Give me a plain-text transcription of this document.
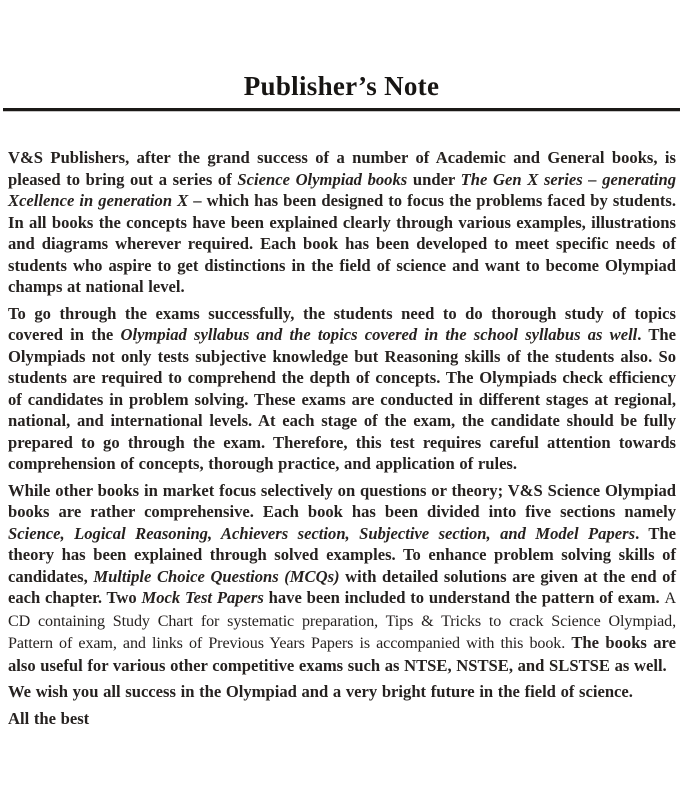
Publisher’s Note

V&S Publishers, after the grand success of a number of Academic and General books, is pleased to bring out a series of Science Olympiad books under The Gen X series – generating Xcellence in generation X – which has been designed to focus the problems faced by students. In all books the concepts have been explained clearly through various examples, illustrations and diagrams wherever required. Each book has been developed to meet specific needs of students who aspire to get distinctions in the field of science and want to become Olympiad champs at national level.

To go through the exams successfully, the students need to do thorough study of topics covered in the Olympiad syllabus and the topics covered in the school syllabus as well. The Olympiads not only tests subjective knowledge but Reasoning skills of the students also. So students are required to comprehend the depth of concepts. The Olympiads check efficiency of candidates in problem solving. These exams are conducted in different stages at regional, national, and international levels. At each stage of the exam, the candidate should be fully prepared to go through the exam. Therefore, this test requires careful attention towards comprehension of concepts, thorough practice, and application of rules.

While other books in market focus selectively on questions or theory; V&S Science Olympiad books are rather comprehensive. Each book has been divided into five sections namely Science, Logical Reasoning, Achievers section, Subjective section, and Model Papers. The theory has been explained through solved examples. To enhance problem solving skills of candidates, Multiple Choice Questions (MCQs) with detailed solutions are given at the end of each chapter. Two Mock Test Papers have been included to understand the pattern of exam. A CD containing Study Chart for systematic preparation, Tips & Tricks to crack Science Olympiad, Pattern of exam, and links of Previous Years Papers is accompanied with this book. The books are also useful for various other competitive exams such as NTSE, NSTSE, and SLSTSE as well.

We wish you all success in the Olympiad and a very bright future in the field of science.

All the best
